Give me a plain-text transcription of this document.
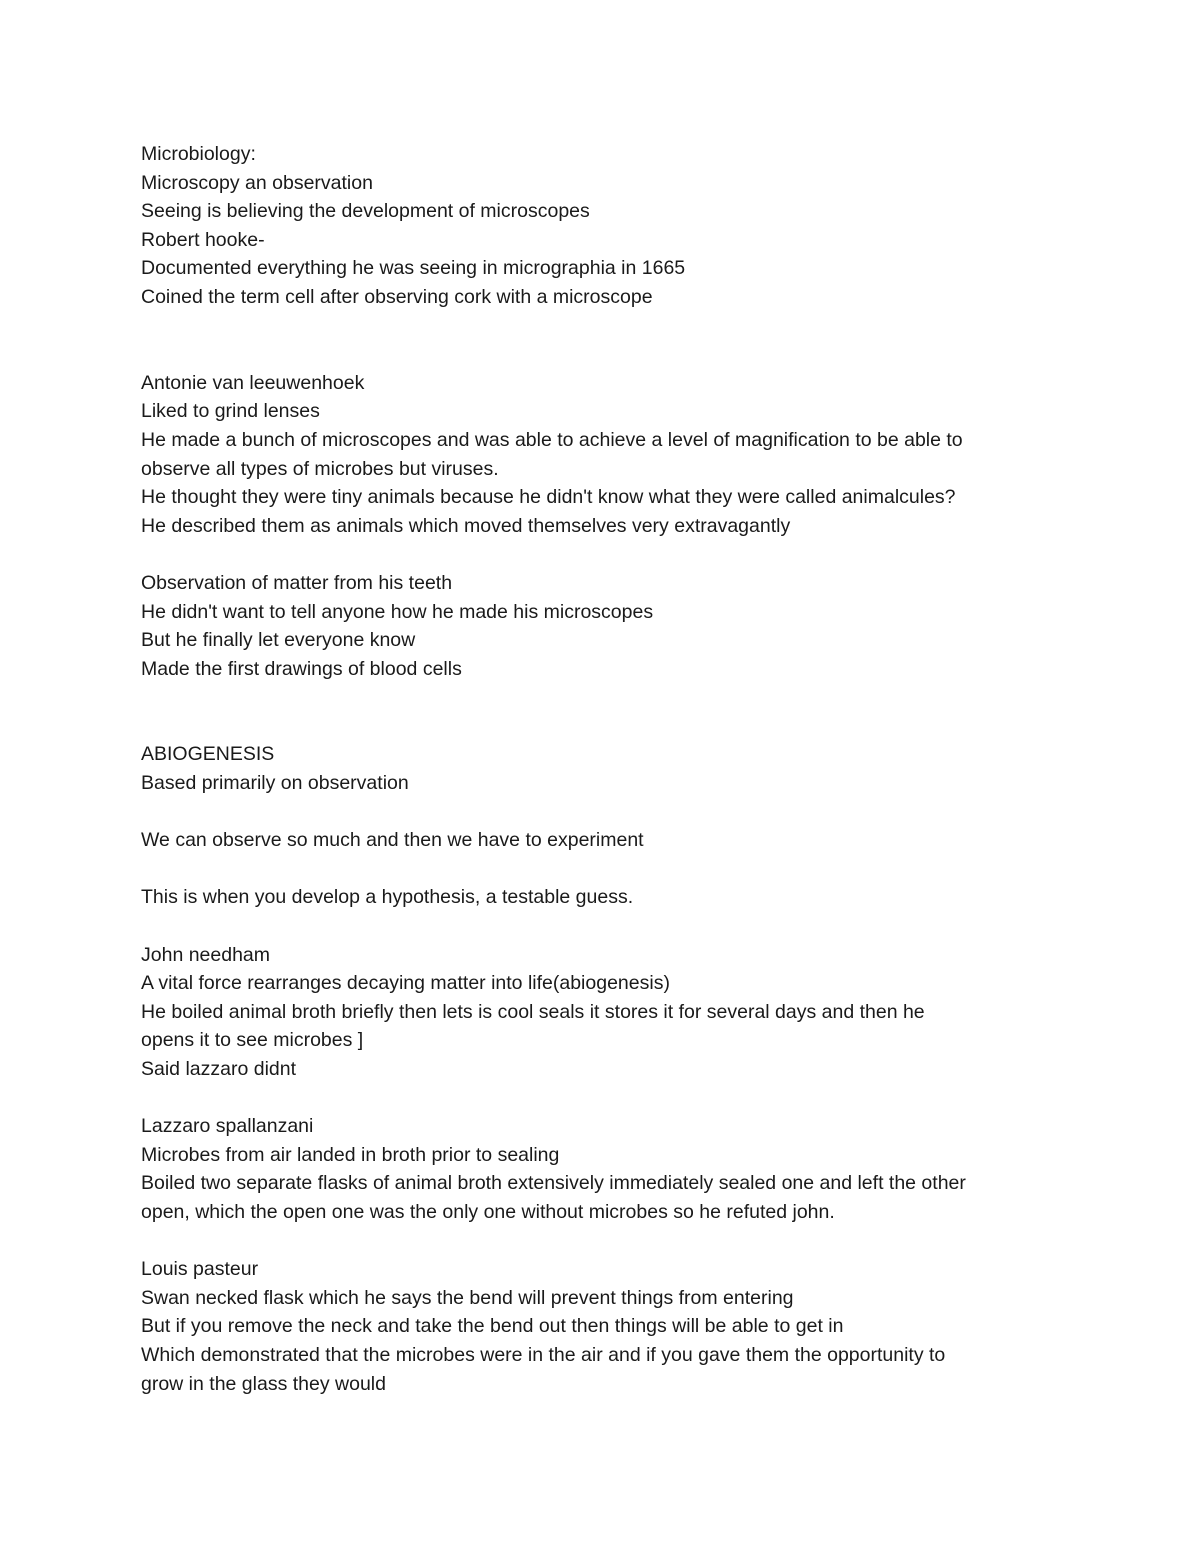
Microbiology:
Microscopy an observation
Seeing is believing the development of microscopes
Robert hooke-
Documented everything he was seeing in micrographia in 1665
Coined the term cell after observing cork with a microscope
Antonie van leeuwenhoek
Liked to grind lenses
He made a bunch of microscopes and was able to achieve a level of magnification to be able to
observe all types of microbes but viruses.
He thought they were tiny animals because he didn't know what they were called animalcules?
He described them as animals which moved themselves very extravagantly
Observation of matter from his teeth
He didn't want to tell anyone how he made his microscopes
But he finally let everyone know
Made the first drawings of blood cells
ABIOGENESIS
Based primarily on observation
We can observe so much and then we have to experiment
This is when you develop a hypothesis, a testable guess.
John needham
A vital force rearranges decaying matter into life(abiogenesis)
He boiled animal broth briefly then lets is cool seals it stores it for several days and then he
opens it to see microbes ]
Said lazzaro didnt
Lazzaro spallanzani
Microbes from air landed in broth prior to sealing
Boiled two separate flasks of animal broth extensively immediately sealed one and left the other
open, which the open one was the only one without microbes so he refuted john.
Louis pasteur
Swan necked flask which he says the bend will prevent things from entering
But if you remove the neck and take the bend out then things will be able to get in
Which demonstrated that the microbes were in the air and if you gave them the opportunity to
grow in the glass they would
